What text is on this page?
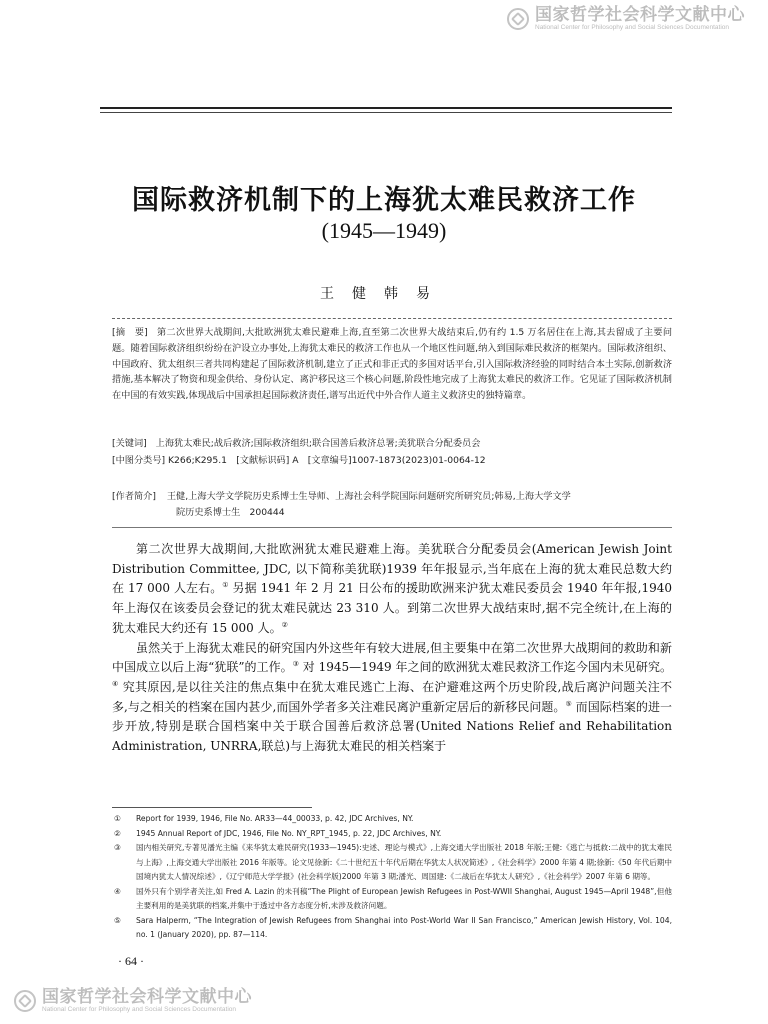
国家哲学社会科学文献中心
National Center for Philosophy and Social Sciences Documentation
国际救济机制下的上海犹太难民救济工作
(1945—1949)
王健韩易
[摘　要] 第二次世界大战期间,大批欧洲犹太难民避难上海,直至第二次世界大战结束后,仍有约 1.5 万名居住在上海,其去留成了主要问题。随着国际救济组织纷纷在沪设立办事处,上海犹太难民的救济工作也从一个地区性问题,纳入到国际难民救济的框架内。国际救济组织、中国政府、犹太组织三者共同构建起了国际救济机制,建立了正式和非正式的多国对话平台,引入国际救济经验的同时结合本土实际,创新救济措施,基本解决了物资和现金供给、身份认定、离沪移民这三个核心问题,阶段性地完成了上海犹太难民的救济工作。它见证了国际救济机制在中国的有效实践,体现战后中国承担起国际救济责任,谱写出近代中外合作人道主义救济史的独特篇章。
[关键词] 上海犹太难民;战后救济;国际救济组织;联合国善后救济总署;美犹联合分配委员会
[中图分类号] K266;K295.1　[文献标识码] A　[文章编号]1007-1873(2023)01-0064-12
[作者简介] 王健,上海大学文学院历史系博士生导师、上海社会科学院国际问题研究所研究员;韩易,上海大学文学
院历史系博士生　200444

第二次世界大战期间,大批欧洲犹太难民避难上海。美犹联合分配委员会(American Jewish Joint Distribution Committee, JDC, 以下简称美犹联)1939 年年报显示,当年底在上海的犹太难民总数大约在 17 000 人左右。① 另据 1941 年 2 月 21 日公布的援助欧洲来沪犹太难民委员会 1940 年年报,1940 年上海仅在该委员会登记的犹太难民就达 23 310 人。到第二次世界大战结束时,据不完全统计,在上海的犹太难民大约还有 15 000 人。②

虽然关于上海犹太难民的研究国内外这些年有较大进展,但主要集中在第二次世界大战期间的救助和新中国成立以后上海“犹联”的工作。③ 对 1945—1949 年之间的欧洲犹太难民救济工作迄今国内未见研究。④ 究其原因,是以往关注的焦点集中在犹太难民逃亡上海、在沪避难这两个历史阶段,战后离沪问题关注不多,与之相关的档案在国内甚少,而国外学者多关注难民离沪重新定居后的新移民问题。⑤ 而国际档案的进一步开放,特别是联合国档案中关于联合国善后救济总署(United Nations Relief and Rehabilitation Administration, UNRRA,联总)与上海犹太难民的相关档案于

① Report for 1939, 1946, File No. AR33—44_00033, p. 42, JDC Archives, NY.
② 1945 Annual Report of JDC, 1946, File No. NY_RPT_1945, p. 22, JDC Archives, NY.
③ 国内相关研究,专著见潘光主编《来华犹太难民研究(1933—1945):史述、理论与模式》,上海交通大学出版社 2018 年版;王健:《逃亡与抵救:二战中的犹太难民与上海》,上海交通大学出版社 2016 年版等。论文见徐新:《二十世纪五十年代后期在华犹太人状况简述》,《社会科学》2000 年第 4 期;徐新:《50 年代后期中国境内犹太人情况综述》,《辽宁师范大学学报》(社会科学版)2000 年第 3 期;潘光、周国建:《二战后在华犹太人研究》,《社会科学》2007 年第 6 期等。
④ 国外只有个别学者关注,如 Fred A. Lazin 的未刊稿“The Plight of European Jewish Refugees in Post-WWII Shanghai, August 1945—April 1948”,但他主要利用的是美犹联的档案,并集中于透过中各方态度分析,未涉及救济问题。
⑤ Sara Halperm, “The Integration of Jewish Refugees from Shanghai into Post-World War II San Francisco,” American Jewish History, Vol. 104, no. 1 (January 2020), pp. 87—114.
· 64 ·
国家哲学社会科学文献中心
National Center for Philosophy and Social Sciences Documentation
